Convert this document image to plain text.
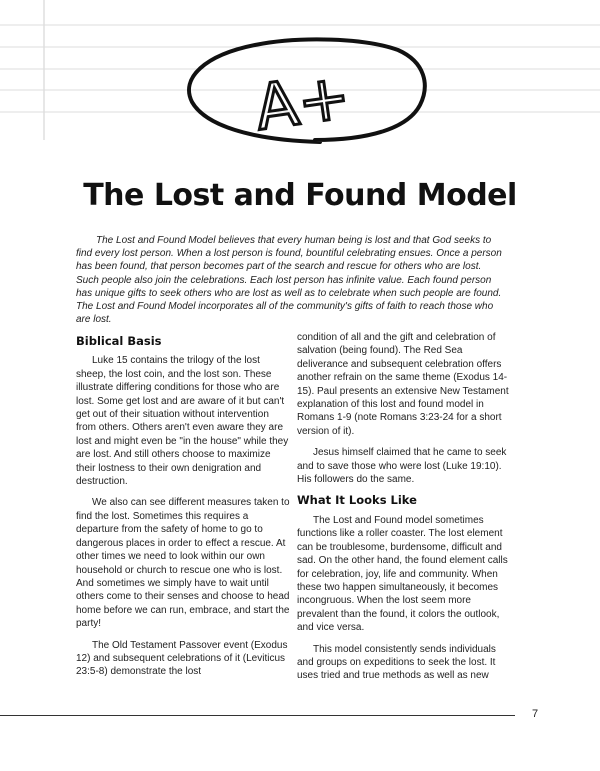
A+
The Lost and Found Model

The Lost and Found Model believes that every human being is lost and that God seeks to find every lost person. When a lost person is found, bountiful celebrating ensues. Once a person has been found, that person becomes part of the search and rescue for others who are lost. Such people also join the celebrations. Each lost person has infinite value. Each found person has unique gifts to seek others who are lost as well as to celebrate when such people are found. The Lost and Found Model incorporates all of the community's gifts of faith to reach those who are lost.

Biblical Basis

Luke 15 contains the trilogy of the lost sheep, the lost coin, and the lost son. These illustrate differing conditions for those who are lost. Some get lost and are aware of it but can't get out of their situation without intervention from others. Others aren't even aware they are lost and might even be "in the house" while they are lost. And still others choose to maximize their lostness to their own denigration and destruction.

We also can see different measures taken to find the lost. Sometimes this requires a departure from the safety of home to go to dangerous places in order to effect a rescue. At other times we need to look within our own household or church to rescue one who is lost. And sometimes we simply have to wait until others come to their senses and choose to head home before we can run, embrace, and start the party!

The Old Testament Passover event (Exodus 12) and subsequent celebrations of it (Leviticus 23:5-8) demonstrate the lost

condition of all and the gift and celebration of salvation (being found). The Red Sea deliverance and subsequent celebration offers another refrain on the same theme (Exodus 14-15). Paul presents an extensive New Testament explanation of this lost and found model in Romans 1-9 (note Romans 3:23-24 for a short version of it).

Jesus himself claimed that he came to seek and to save those who were lost (Luke 19:10). His followers do the same.

What It Looks Like

The Lost and Found model sometimes functions like a roller coaster. The lost element can be troublesome, burdensome, difficult and sad. On the other hand, the found element calls for celebration, joy, life and community. When these two happen simultaneously, it becomes incongruous. When the lost seem more prevalent than the found, it colors the outlook, and vice versa.

This model consistently sends individuals and groups on expeditions to seek the lost. It uses tried and true methods as well as new

7
